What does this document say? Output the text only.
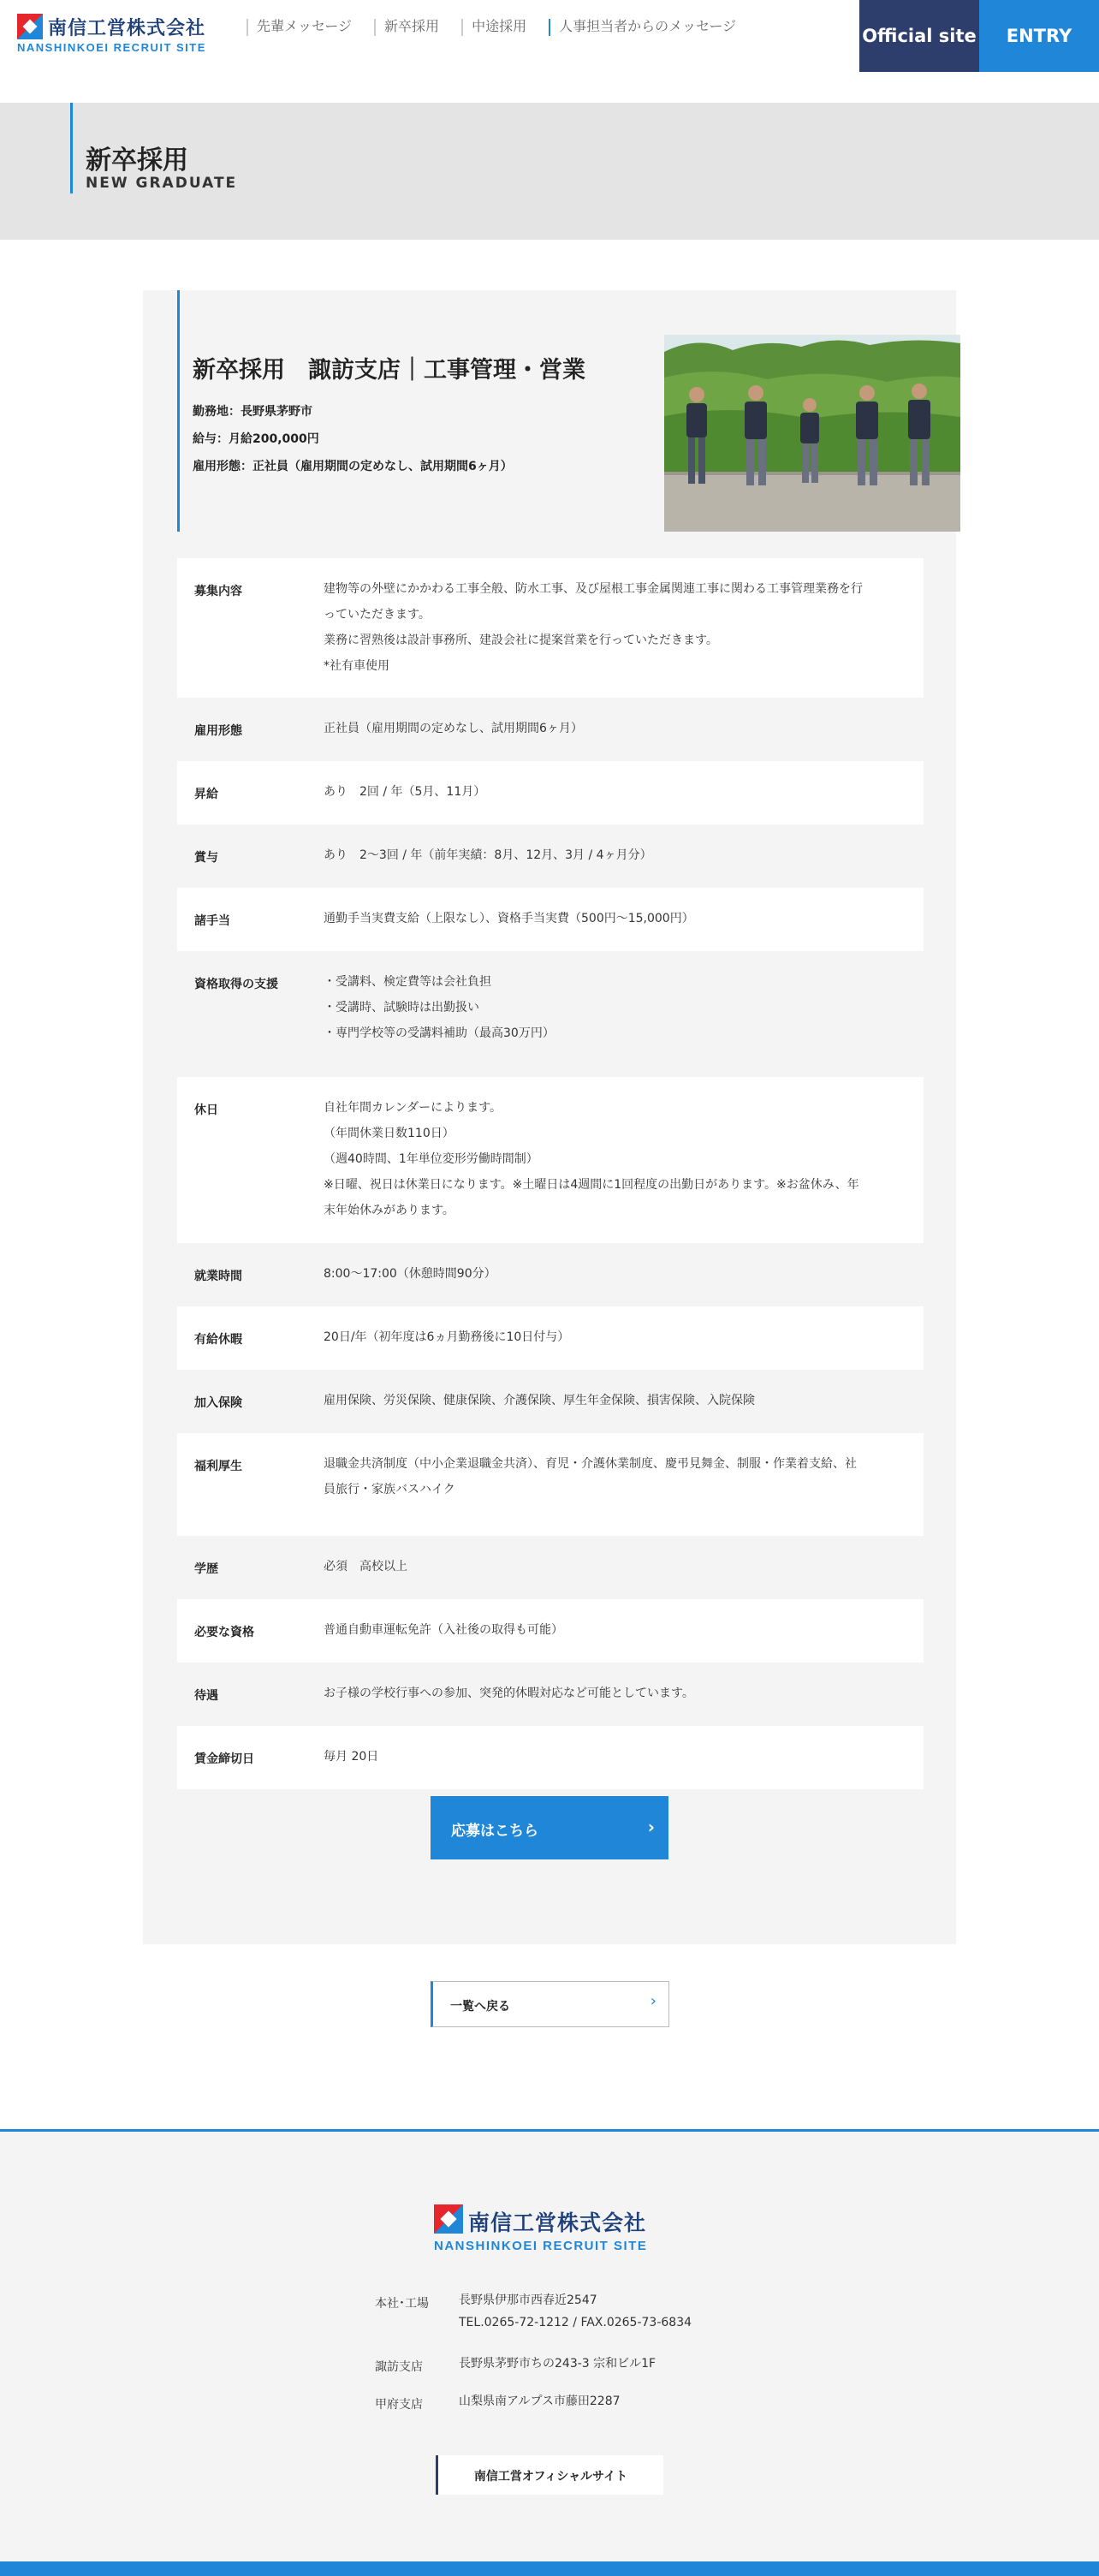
南信工営株式会社
NANSHINKOEI RECRUIT SITE
先輩メッセージ	新卒採用	中途採用	人事担当者からのメッセージ	Official site	ENTRY
新卒採用
NEW GRADUATE
新卒採用　諏訪支店｜工事管理・営業
勤務地：長野県茅野市
給与：月給200,000円
雇用形態：正社員（雇用期間の定めなし、試用期間6ヶ月）
募集内容	建物等の外壁にかかわる工事全般、防水工事、及び屋根工事金属関連工事に関わる工事管理業務を行
っていただきます。
業務に習熟後は設計事務所、建設会社に提案営業を行っていただきます。
*社有車使用
雇用形態	正社員（雇用期間の定めなし、試用期間6ヶ月）
昇給	あり　2回 / 年（5月、11月）
賞与	あり　2〜3回 / 年（前年実績：8月、12月、3月 / 4ヶ月分）
諸手当	通勤手当実費支給（上限なし）、資格手当実費（500円〜15,000円）
資格取得の支援	・受講料、検定費等は会社負担
・受講時、試験時は出勤扱い
・専門学校等の受講料補助（最高30万円）
休日	自社年間カレンダーによります。
（年間休業日数110日）
（週40時間、1年単位変形労働時間制）
※日曜、祝日は休業日になります。※土曜日は4週間に1回程度の出勤日があります。※お盆休み、年
末年始休みがあります。
就業時間	8:00〜17:00（休憩時間90分）
有給休暇	20日/年（初年度は6ヵ月勤務後に10日付与）
加入保険	雇用保険、労災保険、健康保険、介護保険、厚生年金保険、損害保険、入院保険
福利厚生	退職金共済制度（中小企業退職金共済）、育児・介護休業制度、慶弔見舞金、制服・作業着支給、社
員旅行・家族バスハイク
学歴	必須　高校以上
必要な資格	普通自動車運転免許（入社後の取得も可能）
待遇	お子様の学校行事への参加、突発的休暇対応など可能としています。
賃金締切日	毎月 20日
応募はこちら	›
一覧へ戻る	›
南信工営株式会社
NANSHINKOEI RECRUIT SITE
本社･工場	長野県伊那市西春近2547
TEL.0265-72-1212 / FAX.0265-73-6834
諏訪支店	長野県茅野市ちの243-3 宗和ビル1F
甲府支店	山梨県南アルプス市藤田2287
南信工営オフィシャルサイト
